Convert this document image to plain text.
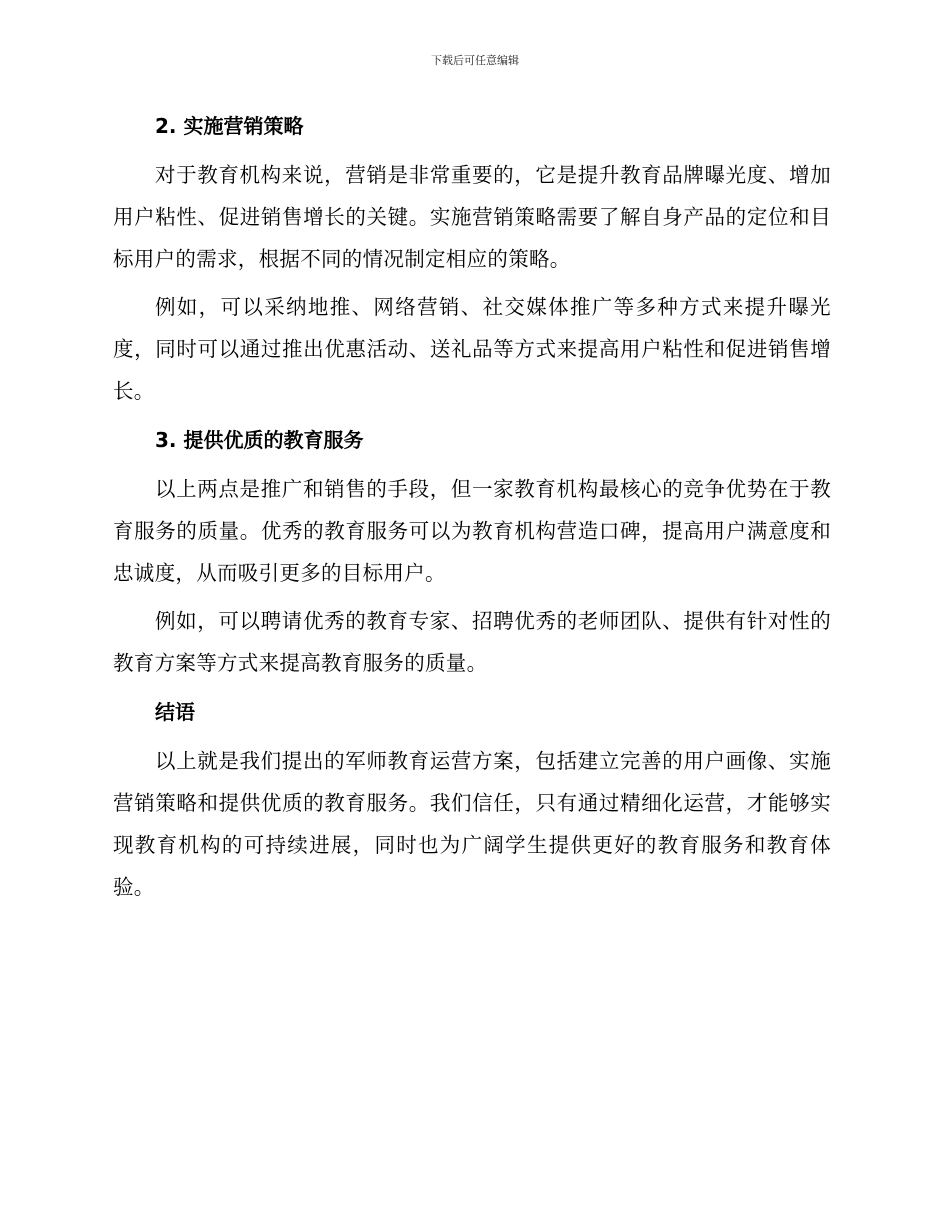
下载后可任意编辑
2. 实施营销策略

对于教育机构来说，营销是非常重要的，它是提升教育品牌曝光度、增加用户粘性、促进销售增长的关键。实施营销策略需要了解自身产品的定位和目标用户的需求，根据不同的情况制定相应的策略。

例如，可以采纳地推、网络营销、社交媒体推广等多种方式来提升曝光度，同时可以通过推出优惠活动、送礼品等方式来提高用户粘性和促进销售增长。

3. 提供优质的教育服务

以上两点是推广和销售的手段，但一家教育机构最核心的竞争优势在于教育服务的质量。优秀的教育服务可以为教育机构营造口碑，提高用户满意度和忠诚度，从而吸引更多的目标用户。

例如，可以聘请优秀的教育专家、招聘优秀的老师团队、提供有针对性的教育方案等方式来提高教育服务的质量。

结语

以上就是我们提出的军师教育运营方案，包括建立完善的用户画像、实施营销策略和提供优质的教育服务。我们信任，只有通过精细化运营，才能够实现教育机构的可持续进展，同时也为广阔学生提供更好的教育服务和教育体验。
